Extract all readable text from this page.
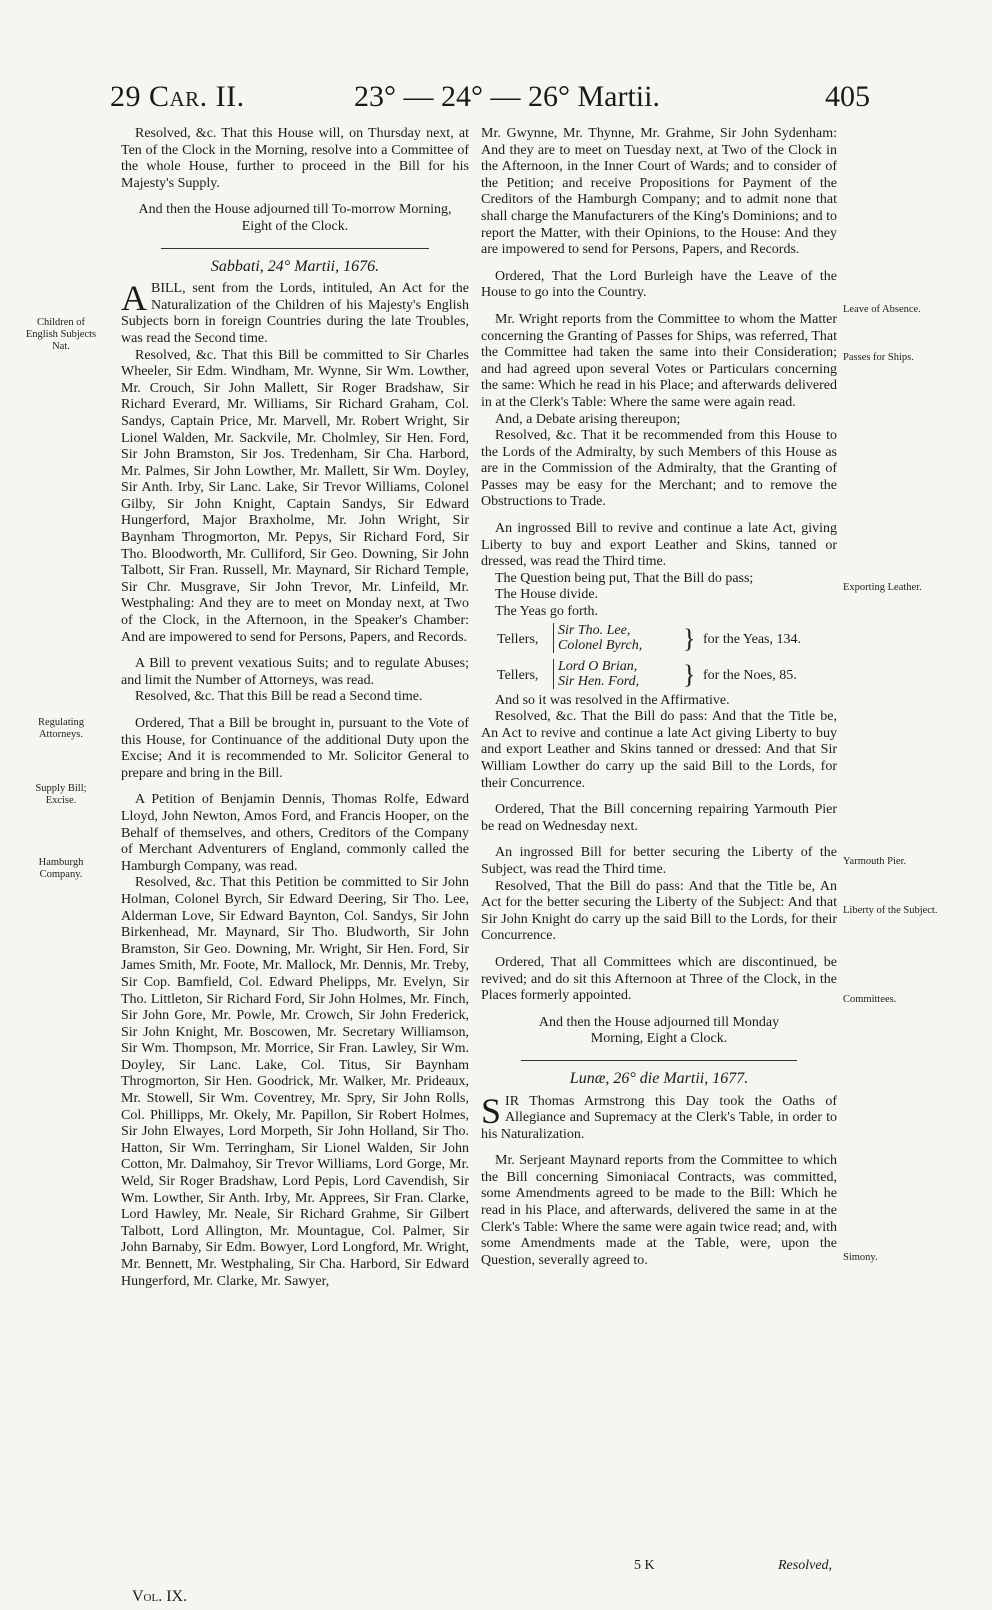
29 Car. II.	23° — 24° — 26° Martii.	405
Children of English Subjects Nat.
Regulating Attorneys.
Supply Bill; Excise.
Hamburgh Company.
Leave of Absence.
Passes for Ships.
Exporting Leather.
Yarmouth Pier.
Liberty of the Subject.
Committees.
Simony.

Resolved, &c. That this House will, on Thursday next, at Ten of the Clock in the Morning, resolve into a Committee of the whole House, further to proceed in the Bill for his Majesty's Supply.

And then the House adjourned till To-morrow Morning, Eight of the Clock.

Sabbati, 24° Martii, 1676.

A BILL, sent from the Lords, intituled, An Act for the Naturalization of the Children of his Majesty's English Subjects born in foreign Countries during the late Troubles, was read the Second time.

Resolved, &c. That this Bill be committed to Sir Charles Wheeler, Sir Edm. Windham, Mr. Wynne, Sir Wm. Lowther, Mr. Crouch, Sir John Mallett, Sir Roger Bradshaw, Sir Richard Everard, Mr. Williams, Sir Richard Graham, Col. Sandys, Captain Price, Mr. Marvell, Mr. Robert Wright, Sir Lionel Walden, Mr. Sackvile, Mr. Cholmley, Sir Hen. Ford, Sir John Bramston, Sir Jos. Tredenham, Sir Cha. Harbord, Mr. Palmes, Sir John Lowther, Mr. Mallett, Sir Wm. Doyley, Sir Anth. Irby, Sir Lanc. Lake, Sir Trevor Williams, Colonel Gilby, Sir John Knight, Captain Sandys, Sir Edward Hungerford, Major Braxholme, Mr. John Wright, Sir Baynham Throgmorton, Mr. Pepys, Sir Richard Ford, Sir Tho. Bloodworth, Mr. Culliford, Sir Geo. Downing, Sir John Talbott, Sir Fran. Russell, Mr. Maynard, Sir Richard Temple, Sir Chr. Musgrave, Sir John Trevor, Mr. Linfeild, Mr. Westphaling: And they are to meet on Monday next, at Two of the Clock, in the Afternoon, in the Speaker's Chamber: And are impowered to send for Persons, Papers, and Records.

A Bill to prevent vexatious Suits; and to regulate Abuses; and limit the Number of Attorneys, was read.

Resolved, &c. That this Bill be read a Second time.

Ordered, That a Bill be brought in, pursuant to the Vote of this House, for Continuance of the additional Duty upon the Excise; And it is recommended to Mr. Solicitor General to prepare and bring in the Bill.

A Petition of Benjamin Dennis, Thomas Rolfe, Edward Lloyd, John Newton, Amos Ford, and Francis Hooper, on the Behalf of themselves, and others, Creditors of the Company of Merchant Adventurers of England, commonly called the Hamburgh Company, was read.

Resolved, &c. That this Petition be committed to Sir John Holman, Colonel Byrch, Sir Edward Deering, Sir Tho. Lee, Alderman Love, Sir Edward Baynton, Col. Sandys, Sir John Birkenhead, Mr. Maynard, Sir Tho. Bludworth, Sir John Bramston, Sir Geo. Downing, Mr. Wright, Sir Hen. Ford, Sir James Smith, Mr. Foote, Mr. Mallock, Mr. Dennis, Mr. Treby, Sir Cop. Bamfield, Col. Edward Phelipps, Mr. Evelyn, Sir Tho. Littleton, Sir Richard Ford, Sir John Holmes, Mr. Finch, Sir John Gore, Mr. Powle, Mr. Crowch, Sir John Frederick, Sir John Knight, Mr. Boscowen, Mr. Secretary Williamson, Sir Wm. Thompson, Mr. Morrice, Sir Fran. Lawley, Sir Wm. Doyley, Sir Lanc. Lake, Col. Titus, Sir Baynham Throgmorton, Sir Hen. Goodrick, Mr. Walker, Mr. Prideaux, Mr. Stowell, Sir Wm. Coventrey, Mr. Spry, Sir John Rolls, Col. Phillipps, Mr. Okely, Mr. Papillon, Sir Robert Holmes, Sir John Elwayes, Lord Morpeth, Sir John Holland, Sir Tho. Hatton, Sir Wm. Terringham, Sir Lionel Walden, Sir John Cotton, Mr. Dalmahoy, Sir Trevor Williams, Lord Gorge, Mr. Weld, Sir Roger Bradshaw, Lord Pepis, Lord Cavendish, Sir Wm. Lowther, Sir Anth. Irby, Mr. Apprees, Sir Fran. Clarke, Lord Hawley, Mr. Neale, Sir Richard Grahme, Sir Gilbert Talbott, Lord Allington, Mr. Mountague, Col. Palmer, Sir John Barnaby, Sir Edm. Bowyer, Lord Longford, Mr. Wright, Mr. Bennett, Mr. Westphaling, Sir Cha. Harbord, Sir Edward Hungerford, Mr. Clarke, Mr. Sawyer,

Mr. Gwynne, Mr. Thynne, Mr. Grahme, Sir John Sydenham: And they are to meet on Tuesday next, at Two of the Clock in the Afternoon, in the Inner Court of Wards; and to consider of the Petition; and receive Propositions for Payment of the Creditors of the Hamburgh Company; and to admit none that shall charge the Manufacturers of the King's Dominions; and to report the Matter, with their Opinions, to the House: And they are impowered to send for Persons, Papers, and Records.

Ordered, That the Lord Burleigh have the Leave of the House to go into the Country.

Mr. Wright reports from the Committee to whom the Matter concerning the Granting of Passes for Ships, was referred, That the Committee had taken the same into their Consideration; and had agreed upon several Votes or Particulars concerning the same: Which he read in his Place; and afterwards delivered in at the Clerk's Table: Where the same were again read.

And, a Debate arising thereupon;

Resolved, &c. That it be recommended from this House to the Lords of the Admiralty, by such Members of this House as are in the Commission of the Admiralty, that the Granting of Passes may be easy for the Merchant; and to remove the Obstructions to Trade.

An ingrossed Bill to revive and continue a late Act, giving Liberty to buy and export Leather and Skins, tanned or dressed, was read the Third time.

The Question being put, That the Bill do pass;

The House divide.

The Yeas go forth.

Tellers,
Sir Tho. Lee,
Colonel Byrch, } for the Yeas, 134.
Tellers,
Lord O Brian,
Sir Hen. Ford, } for the Noes, 85.

And so it was resolved in the Affirmative.

Resolved, &c. That the Bill do pass: And that the Title be, An Act to revive and continue a late Act giving Liberty to buy and export Leather and Skins tanned or dressed: And that Sir William Lowther do carry up the said Bill to the Lords, for their Concurrence.

Ordered, That the Bill concerning repairing Yarmouth Pier be read on Wednesday next.

An ingrossed Bill for better securing the Liberty of the Subject, was read the Third time.

Resolved, That the Bill do pass: And that the Title be, An Act for the better securing the Liberty of the Subject: And that Sir John Knight do carry up the said Bill to the Lords, for their Concurrence.

Ordered, That all Committees which are discontinued, be revived; and do sit this Afternoon at Three of the Clock, in the Places formerly appointed.

And then the House adjourned till Monday Morning, Eight a Clock.

Lunæ, 26° die Martii, 1677.

SIR Thomas Armstrong this Day took the Oaths of Allegiance and Supremacy at the Clerk's Table, in order to his Naturalization.

Mr. Serjeant Maynard reports from the Committee to which the Bill concerning Simoniacal Contracts, was committed, some Amendments agreed to be made to the Bill: Which he read in his Place, and afterwards, delivered the same in at the Clerk's Table: Where the same were again twice read; and, with some Amendments made at the Table, were, upon the Question, severally agreed to.

Vol. IX.
5 K	Resolved,
